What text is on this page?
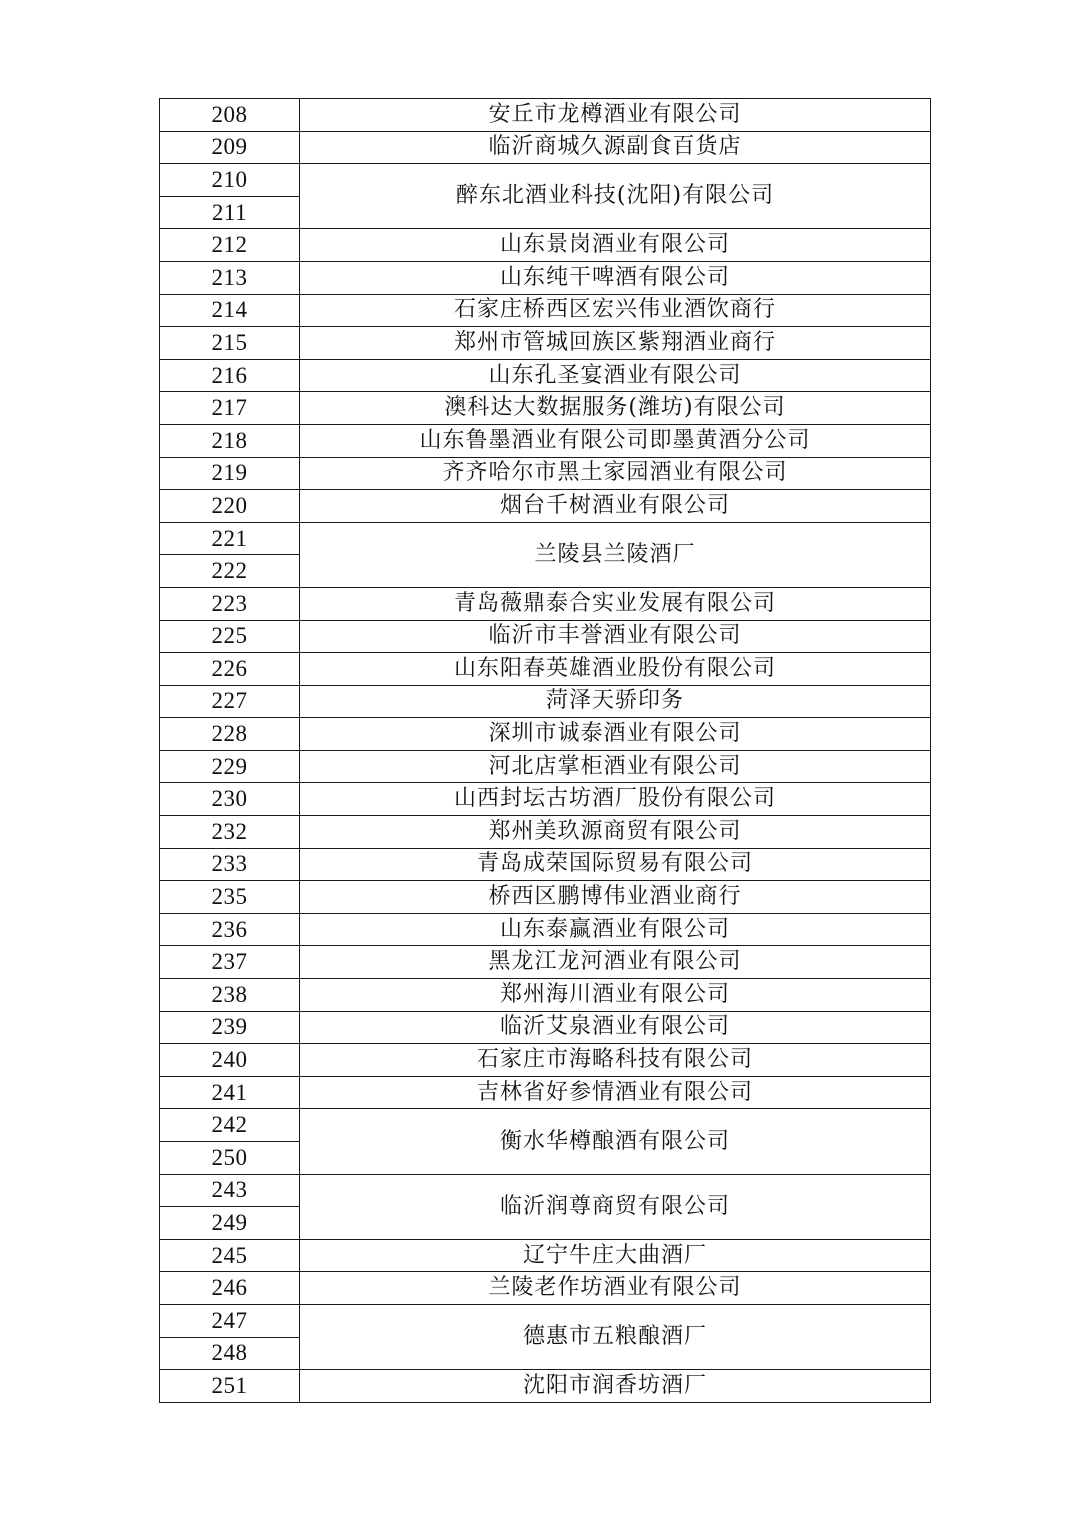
208	安丘市龙樽酒业有限公司
209	临沂商城久源副食百货店
210	醉东北酒业科技(沈阳)有限公司
211	
212	山东景岗酒业有限公司
213	山东纯干啤酒有限公司
214	石家庄桥西区宏兴伟业酒饮商行
215	郑州市管城回族区紫翔酒业商行
216	山东孔圣宴酒业有限公司
217	澳科达大数据服务(潍坊)有限公司
218	山东鲁墨酒业有限公司即墨黄酒分公司
219	齐齐哈尔市黑土家园酒业有限公司
220	烟台千树酒业有限公司
221	兰陵县兰陵酒厂
222	
223	青岛薇鼎泰合实业发展有限公司
225	临沂市丰誉酒业有限公司
226	山东阳春英雄酒业股份有限公司
227	菏泽天骄印务
228	深圳市诚泰酒业有限公司
229	河北店掌柜酒业有限公司
230	山西封坛古坊酒厂股份有限公司
232	郑州美玖源商贸有限公司
233	青岛成荣国际贸易有限公司
235	桥西区鹏博伟业酒业商行
236	山东泰赢酒业有限公司
237	黑龙江龙河酒业有限公司
238	郑州海川酒业有限公司
239	临沂艾泉酒业有限公司
240	石家庄市海略科技有限公司
241	吉林省好参情酒业有限公司
242	衡水华樽酿酒有限公司
250	
243	临沂润尊商贸有限公司
249	
245	辽宁牛庄大曲酒厂
246	兰陵老作坊酒业有限公司
247	德惠市五粮酿酒厂
248	
251	沈阳市润香坊酒厂
